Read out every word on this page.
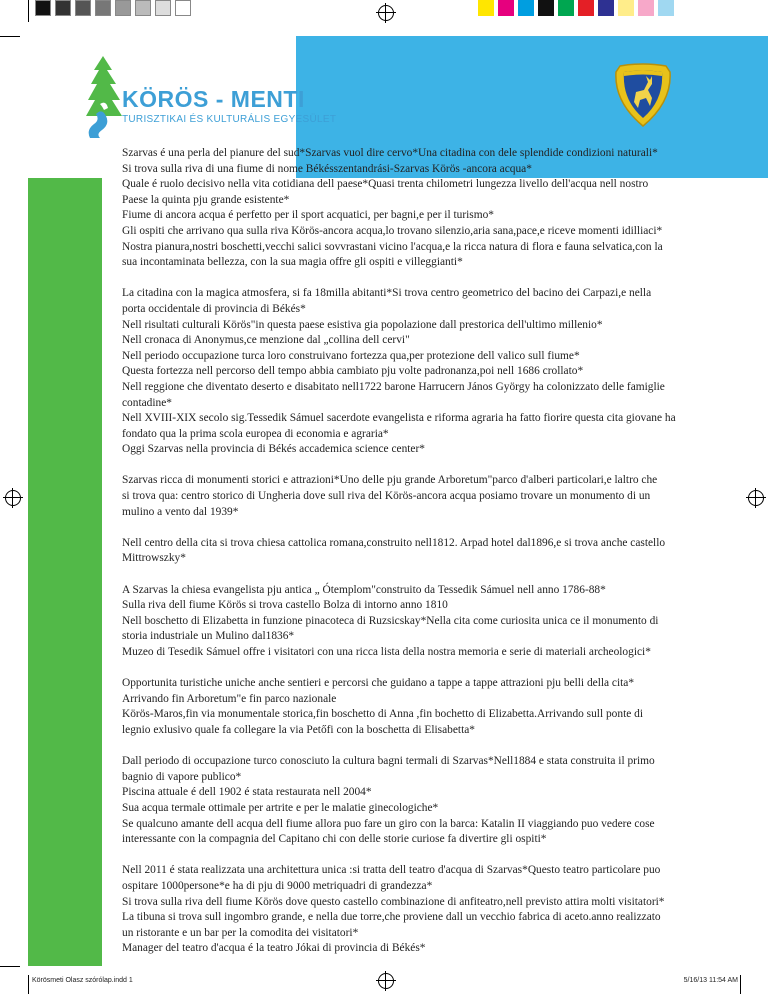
KÖRÖS - MENTI
TURISZTIKAI ÉS KULTURÁLIS EGYESÜLET

Szarvas é una perla del pianure del sud*Szarvas vuol dire cervo*Una citadina con dele splendide condizioni naturali*
Si trova sulla riva di una fiume di nome Békésszentandrási-Szarvas Körös -ancora acqua*
Quale é ruolo decisivo nella vita cotidiana dell paese*Quasi trenta chilometri lungezza livello dell'acqua nell nostro
Paese la quinta pju grande esistente*
Fiume di ancora acqua é perfetto per il sport acquatici, per bagni,e per il turismo*
Gli ospiti che arrivano qua sulla riva Körös-ancora acqua,lo trovano silenzio,aria sana,pace,e riceve momenti idilliaci*
Nostra pianura,nostri boschetti,vecchi salici sovvrastani vicino l'acqua,e la ricca natura di flora e fauna selvatica,con la
sua incontaminata bellezza, con la sua magia offre gli ospiti e villeggianti*

La citadina con la magica atmosfera, si fa 18milla abitanti*Si trova centro geometrico del bacino dei Carpazi,e nella
porta occidentale di provincia di Békés*
Nell risultati culturali Körös"in questa paese esistiva gia popolazione dall prestorica dell'ultimo millenio*
Nell cronaca di Anonymus,ce menzione dal „collina dell cervi"
Nell periodo occupazione turca loro construivano fortezza qua,per protezione dell valico sull fiume*
Questa fortezza nell percorso dell tempo abbia cambiato pju volte padronanza,poi nell 1686 crollato*
Nell reggione che diventato deserto e disabitato nell1722 barone Harrucern János György ha colonizzato delle famiglie
contadine*
Nell XVIII-XIX secolo sig.Tessedik Sámuel sacerdote evangelista e riforma agraria ha fatto fiorire questa cita giovane ha
fondato qua la prima scola europea di economia e agraria*
Oggi Szarvas nella provincia di Békés accademica science center*

Szarvas ricca di monumenti storici e attrazioni*Uno delle pju grande Arboretum"parco d'alberi particolari,e laltro che
si trova qua: centro storico di Ungheria dove sull riva del Körös-ancora acqua posiamo trovare un monumento di un
mulino a vento dal 1939*

Nell centro della cita si trova chiesa cattolica romana,construito nell1812. Arpad hotel dal1896,e si trova anche castello
Mittrowszky*

A Szarvas la chiesa evangelista pju antica „ Ótemplom"construito da Tessedik Sámuel nell anno 1786-88*
Sulla riva dell fiume Körös si trova castello Bolza di intorno anno 1810
Nell boschetto di Elizabetta in funzione pinacoteca di Ruzsicskay*Nella cita come curiosita unica ce il monumento di
storia industriale un Mulino dal1836*
Muzeo di Tesedik Sámuel offre i visitatori con una ricca lista della nostra memoria e serie di materiali archeologici*

Opportunita turistiche uniche anche sentieri e percorsi che guidano a tappe a tappe attrazioni pju belli della cita*
Arrivando fin Arboretum"e fin parco nazionale
Körös-Maros,fin via monumentale storica,fin boschetto di Anna ,fin bochetto di Elizabetta.Arrivando sull ponte di
legnio exlusivo quale fa collegare la via Petőfi con la boschetta di Elisabetta*

Dall periodo di occupazione turco conosciuto la cultura bagni termali di Szarvas*Nell1884 e stata construita il primo
bagnio di vapore publico*
Piscina attuale é dell 1902 é stata restaurata nell 2004*
Sua acqua termale ottimale per artrite e per le malatie ginecologiche*
Se qualcuno amante dell acqua dell fiume allora puo fare un giro con la barca: Katalin II viaggiando puo vedere cose
interessante con la compagnia del Capitano chi con delle storie curiose fa divertire gli ospiti*

Nell 2011 é stata realizzata una architettura unica :si tratta dell teatro d'acqua di Szarvas*Questo teatro particolare puo
ospitare 1000persone*e ha di pju di 9000 metriquadri di grandezza*
Si trova sulla riva dell fiume Körös dove questo castello combinazione di anfiteatro,nell previsto attira molti visitatori*
La tibuna si trova sull ingombro grande, e nella due torre,che proviene dall un vecchio fabrica di aceto.anno realizzato
un ristorante e un bar per la comodita dei visitatori*
Manager del teatro d'acqua é la teatro Jókai di provincia di Békés*

Körösmeti Olasz szórólap.indd 1	5/16/13 11:54 AM
